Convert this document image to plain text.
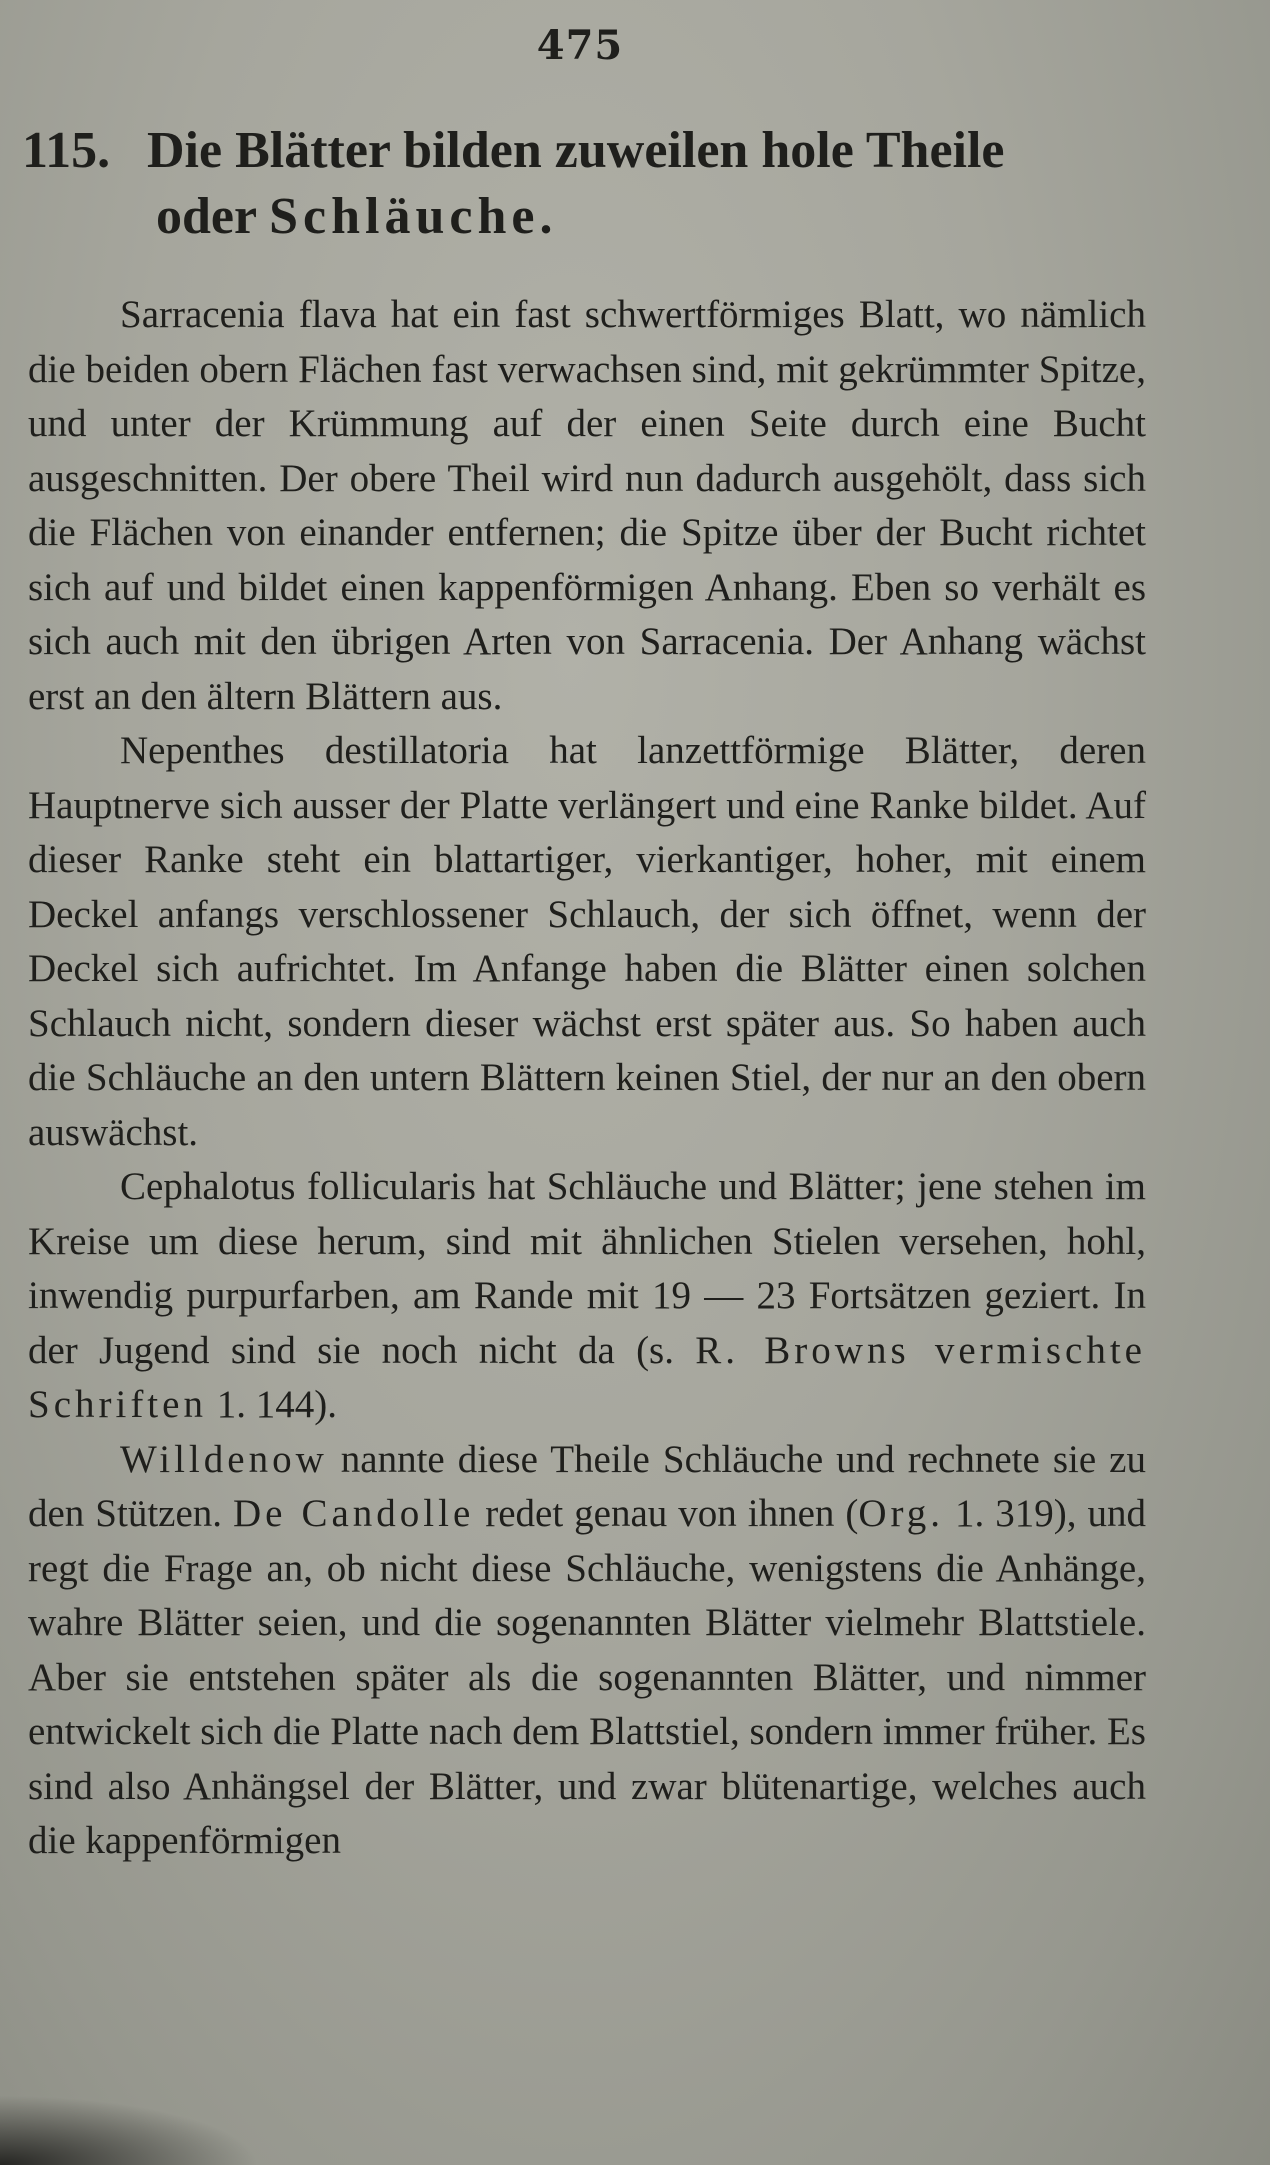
475
115. Die Blätter bilden zuweilen hole Theile
oder Schläuche.

Sarracenia flava hat ein fast schwertförmiges Blatt, wo nämlich die beiden obern Flächen fast verwachsen sind, mit gekrümmter Spitze, und unter der Krümmung auf der einen Seite durch eine Bucht ausgeschnitten. Der obere Theil wird nun dadurch ausgehölt, dass sich die Flächen von einander entfernen; die Spitze über der Bucht richtet sich auf und bildet einen kappenförmigen Anhang. Eben so verhält es sich auch mit den übrigen Arten von Sarracenia. Der Anhang wächst erst an den ältern Blättern aus.

Nepenthes destillatoria hat lanzettförmige Blätter, deren Hauptnerve sich ausser der Platte verlängert und eine Ranke bildet. Auf dieser Ranke steht ein blattartiger, vierkantiger, hoher, mit einem Deckel anfangs verschlossener Schlauch, der sich öffnet, wenn der Deckel sich aufrichtet. Im Anfange haben die Blätter einen solchen Schlauch nicht, sondern dieser wächst erst später aus. So haben auch die Schläuche an den untern Blättern keinen Stiel, der nur an den obern auswächst.

Cephalotus follicularis hat Schläuche und Blätter; jene stehen im Kreise um diese herum, sind mit ähnlichen Stielen versehen, hohl, inwendig purpurfarben, am Rande mit 19 — 23 Fortsätzen geziert. In der Jugend sind sie noch nicht da (s. R. Browns vermischte Schriften 1. 144).

Willdenow nannte diese Theile Schläuche und rechnete sie zu den Stützen. De Candolle redet genau von ihnen (Org. 1. 319), und regt die Frage an, ob nicht diese Schläuche, wenigstens die Anhänge, wahre Blätter seien, und die sogenannten Blätter vielmehr Blattstiele. Aber sie entstehen später als die sogenannten Blätter, und nimmer entwickelt sich die Platte nach dem Blattstiel, sondern immer früher. Es sind also Anhängsel der Blätter, und zwar blütenartige, welches auch die kappenförmigen
